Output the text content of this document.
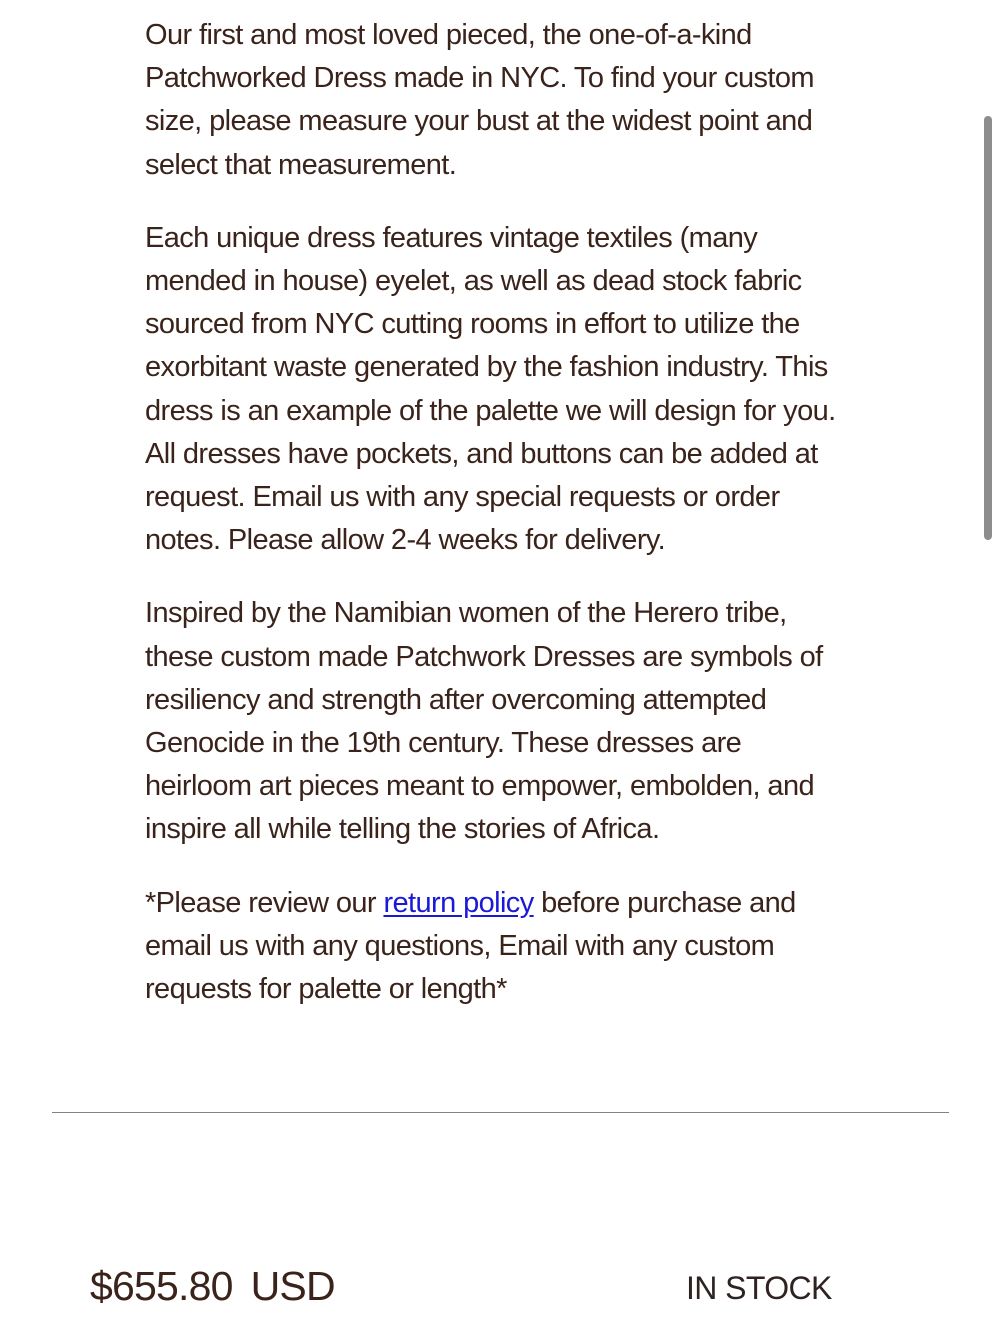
Our first and most loved pieced, the one-of-a-kind Patchworked Dress made in NYC. To find your custom size, please measure your bust at the widest point and select that measurement.

Each unique dress features vintage textiles (many mended in house) eyelet, as well as dead stock fabric sourced from NYC cutting rooms in effort to utilize the exorbitant waste generated by the fashion industry. This dress is an example of the palette we will design for you. All dresses have pockets, and buttons can be added at request. Email us with any special requests or order notes. Please allow 2-4 weeks for delivery.

Inspired by the Namibian women of the Herero tribe, these custom made Patchwork Dresses are symbols of resiliency and strength after overcoming attempted Genocide in the 19th century. These dresses are heirloom art pieces meant to empower, embolden, and inspire all while telling the stories of Africa.

*Please review our return policy before purchase and email us with any questions, Email with any custom requests for palette or length*

$655.80 USD	IN STOCK
